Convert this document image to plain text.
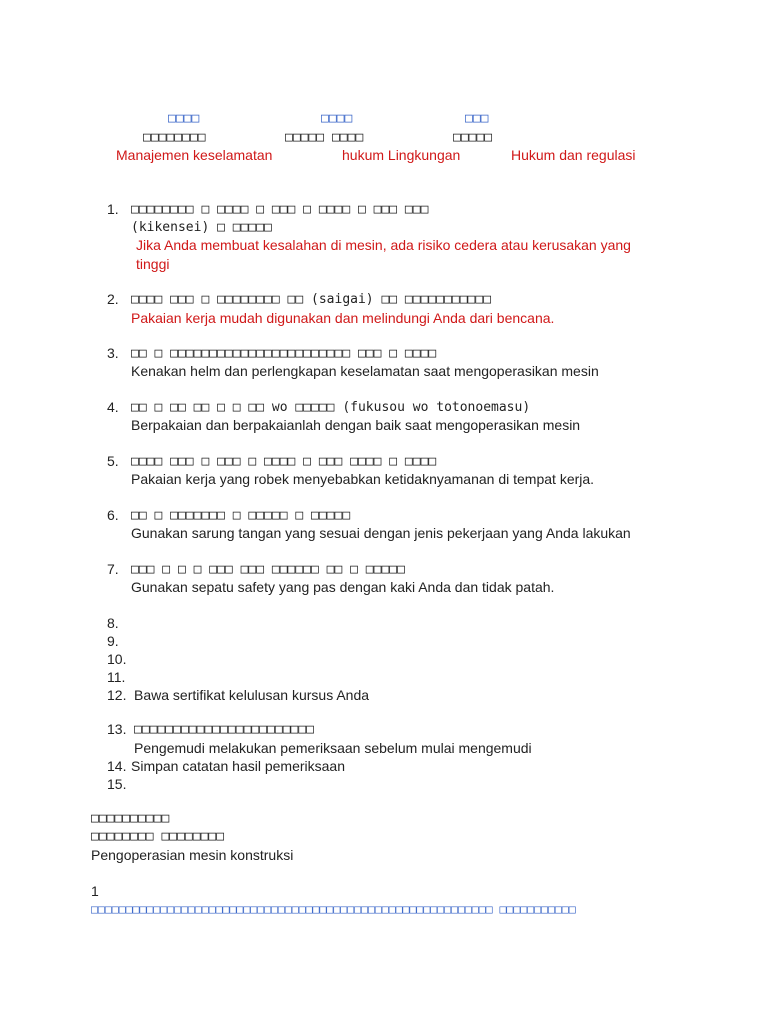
□□□□	□□□□	□□□
□□□□□□□□	□□□□□ □□□□	□□□□□
Manajemen keselamatan	hukum Lingkungan	Hukum dan regulasi
1. □□□□□□□□ □ □□□□ □ □□□ □ □□□□ □ □□□ □□□
(kikensei) □ □□□□□
Jika Anda membuat kesalahan di mesin, ada risiko cedera atau kerusakan yang
tinggi
2. □□□□ □□□ □ □□□□□□□□ □□ (saigai) □□ □□□□□□□□□□□
Pakaian kerja mudah digunakan dan melindungi Anda dari bencana.
3. □□ □ □□□□□□□□□□□□□□□□□□□□□□□ □□□ □ □□□□
Kenakan helm dan perlengkapan keselamatan saat mengoperasikan mesin
4. □□ □ □□ □□ □ □ □□ wo □□□□□ (fukusou wo totonoemasu)
Berpakaian dan berpakaianlah dengan baik saat mengoperasikan mesin
5. □□□□ □□□ □ □□□ □ □□□□ □ □□□ □□□□ □ □□□□
Pakaian kerja yang robek menyebabkan ketidaknyamanan di tempat kerja.
6. □□ □ □□□□□□□ □ □□□□□ □ □□□□□
Gunakan sarung tangan yang sesuai dengan jenis pekerjaan yang Anda lakukan
7. □□□ □ □ □ □□□ □□□ □□□□□□ □□ □ □□□□□
Gunakan sepatu safety yang pas dengan kaki Anda dan tidak patah.
8.
9.
10.
11.
12. Bawa sertifikat kelulusan kursus Anda
13. □□□□□□□□□□□□□□□□□□□□□□□
Pengemudi melakukan pemeriksaan sebelum mulai mengemudi
14. Simpan catatan hasil pemeriksaan
15.
□□□□□□□□□□
□□□□□□□□ □□□□□□□□
Pengoperasian mesin konstruksi
1
□□□□□□□□□□□□□□□□□□□□□□□□□□□□□□□□□□□□□□□□□□□□□□□□□□□□□□□□□□ □□□□□□□□□□□
